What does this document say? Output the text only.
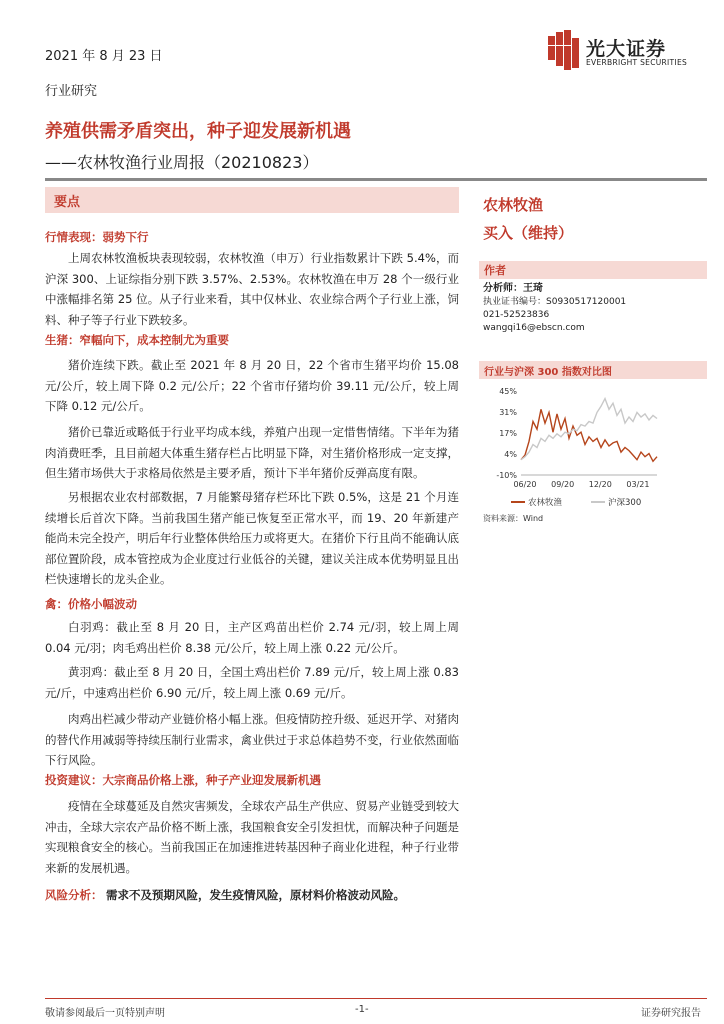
2021 年 8 月 23 日	光大证券
EVERBRIGHT SECURITIES
行业研究
养殖供需矛盾突出，种子迎发展新机遇
——农林牧渔行业周报（20210823）
要点	农林牧渔
买入（维持）
作者
分析师：王琦
执业证书编号：S0930517120001
021-52523836
wangqi16@ebscn.com
行业与沪深 300 指数对比图
-10%
4%
17%
31%
45%
06/20 09/20 12/20 03/21
农林牧渔	沪深300
资料来源：Wind
行情表现：弱势下行
上周农林牧渔板块表现较弱，农林牧渔（申万）行业指数累计下跌 5.4%，而沪深 300、上证综指分别下跌 3.57%、2.53%。农林牧渔在申万 28 个一级行业中涨幅排名第 25 位。从子行业来看，其中仅林业、农业综合两个子行业上涨，饲料、种子等子行业下跌较多。
生猪：窄幅向下，成本控制尤为重要
猪价连续下跌。截止至 2021 年 8 月 20 日，22 个省市生猪平均价 15.08 元/公斤，较上周下降 0.2 元/公斤；22 个省市仔猪均价 39.11 元/公斤，较上周下降 0.12 元/公斤。
猪价已靠近或略低于行业平均成本线，养殖户出现一定惜售情绪。下半年为猪肉消费旺季，且目前超大体重生猪存栏占比明显下降，对生猪价格形成一定支撑，但生猪市场供大于求格局依然是主要矛盾，预计下半年猪价反弹高度有限。
另根据农业农村部数据，7 月能繁母猪存栏环比下跌 0.5%，这是 21 个月连续增长后首次下降。当前我国生猪产能已恢复至正常水平，而 19、20 年新建产能尚未完全投产，明后年行业整体供给压力或将更大。在猪价下行且尚不能确认底部位置阶段，成本管控成为企业度过行业低谷的关键，建议关注成本优势明显且出栏快速增长的龙头企业。
禽：价格小幅波动
白羽鸡：截止至 8 月 20 日，主产区鸡苗出栏价 2.74 元/羽，较上周上周 0.04 元/羽；肉毛鸡出栏价 8.38 元/公斤，较上周上涨 0.22 元/公斤。
黄羽鸡：截止至 8 月 20 日，全国土鸡出栏价 7.89 元/斤，较上周上涨 0.83 元/斤，中速鸡出栏价 6.90 元/斤，较上周上涨 0.69 元/斤。
肉鸡出栏减少带动产业链价格小幅上涨。但疫情防控升级、延迟开学、对猪肉的替代作用减弱等持续压制行业需求，禽业供过于求总体趋势不变，行业依然面临下行风险。
投资建议：大宗商品价格上涨，种子产业迎发展新机遇
疫情在全球蔓延及自然灾害频发，全球农产品生产供应、贸易产业链受到较大冲击，全球大宗农产品价格不断上涨，我国粮食安全引发担忧，而解决种子问题是实现粮食安全的核心。当前我国正在加速推进转基因种子商业化进程，种子行业带来新的发展机遇。
风险分析： 需求不及预期风险，发生疫情风险，原材料价格波动风险。
敬请参阅最后一页特别声明	-1-	证券研究报告
